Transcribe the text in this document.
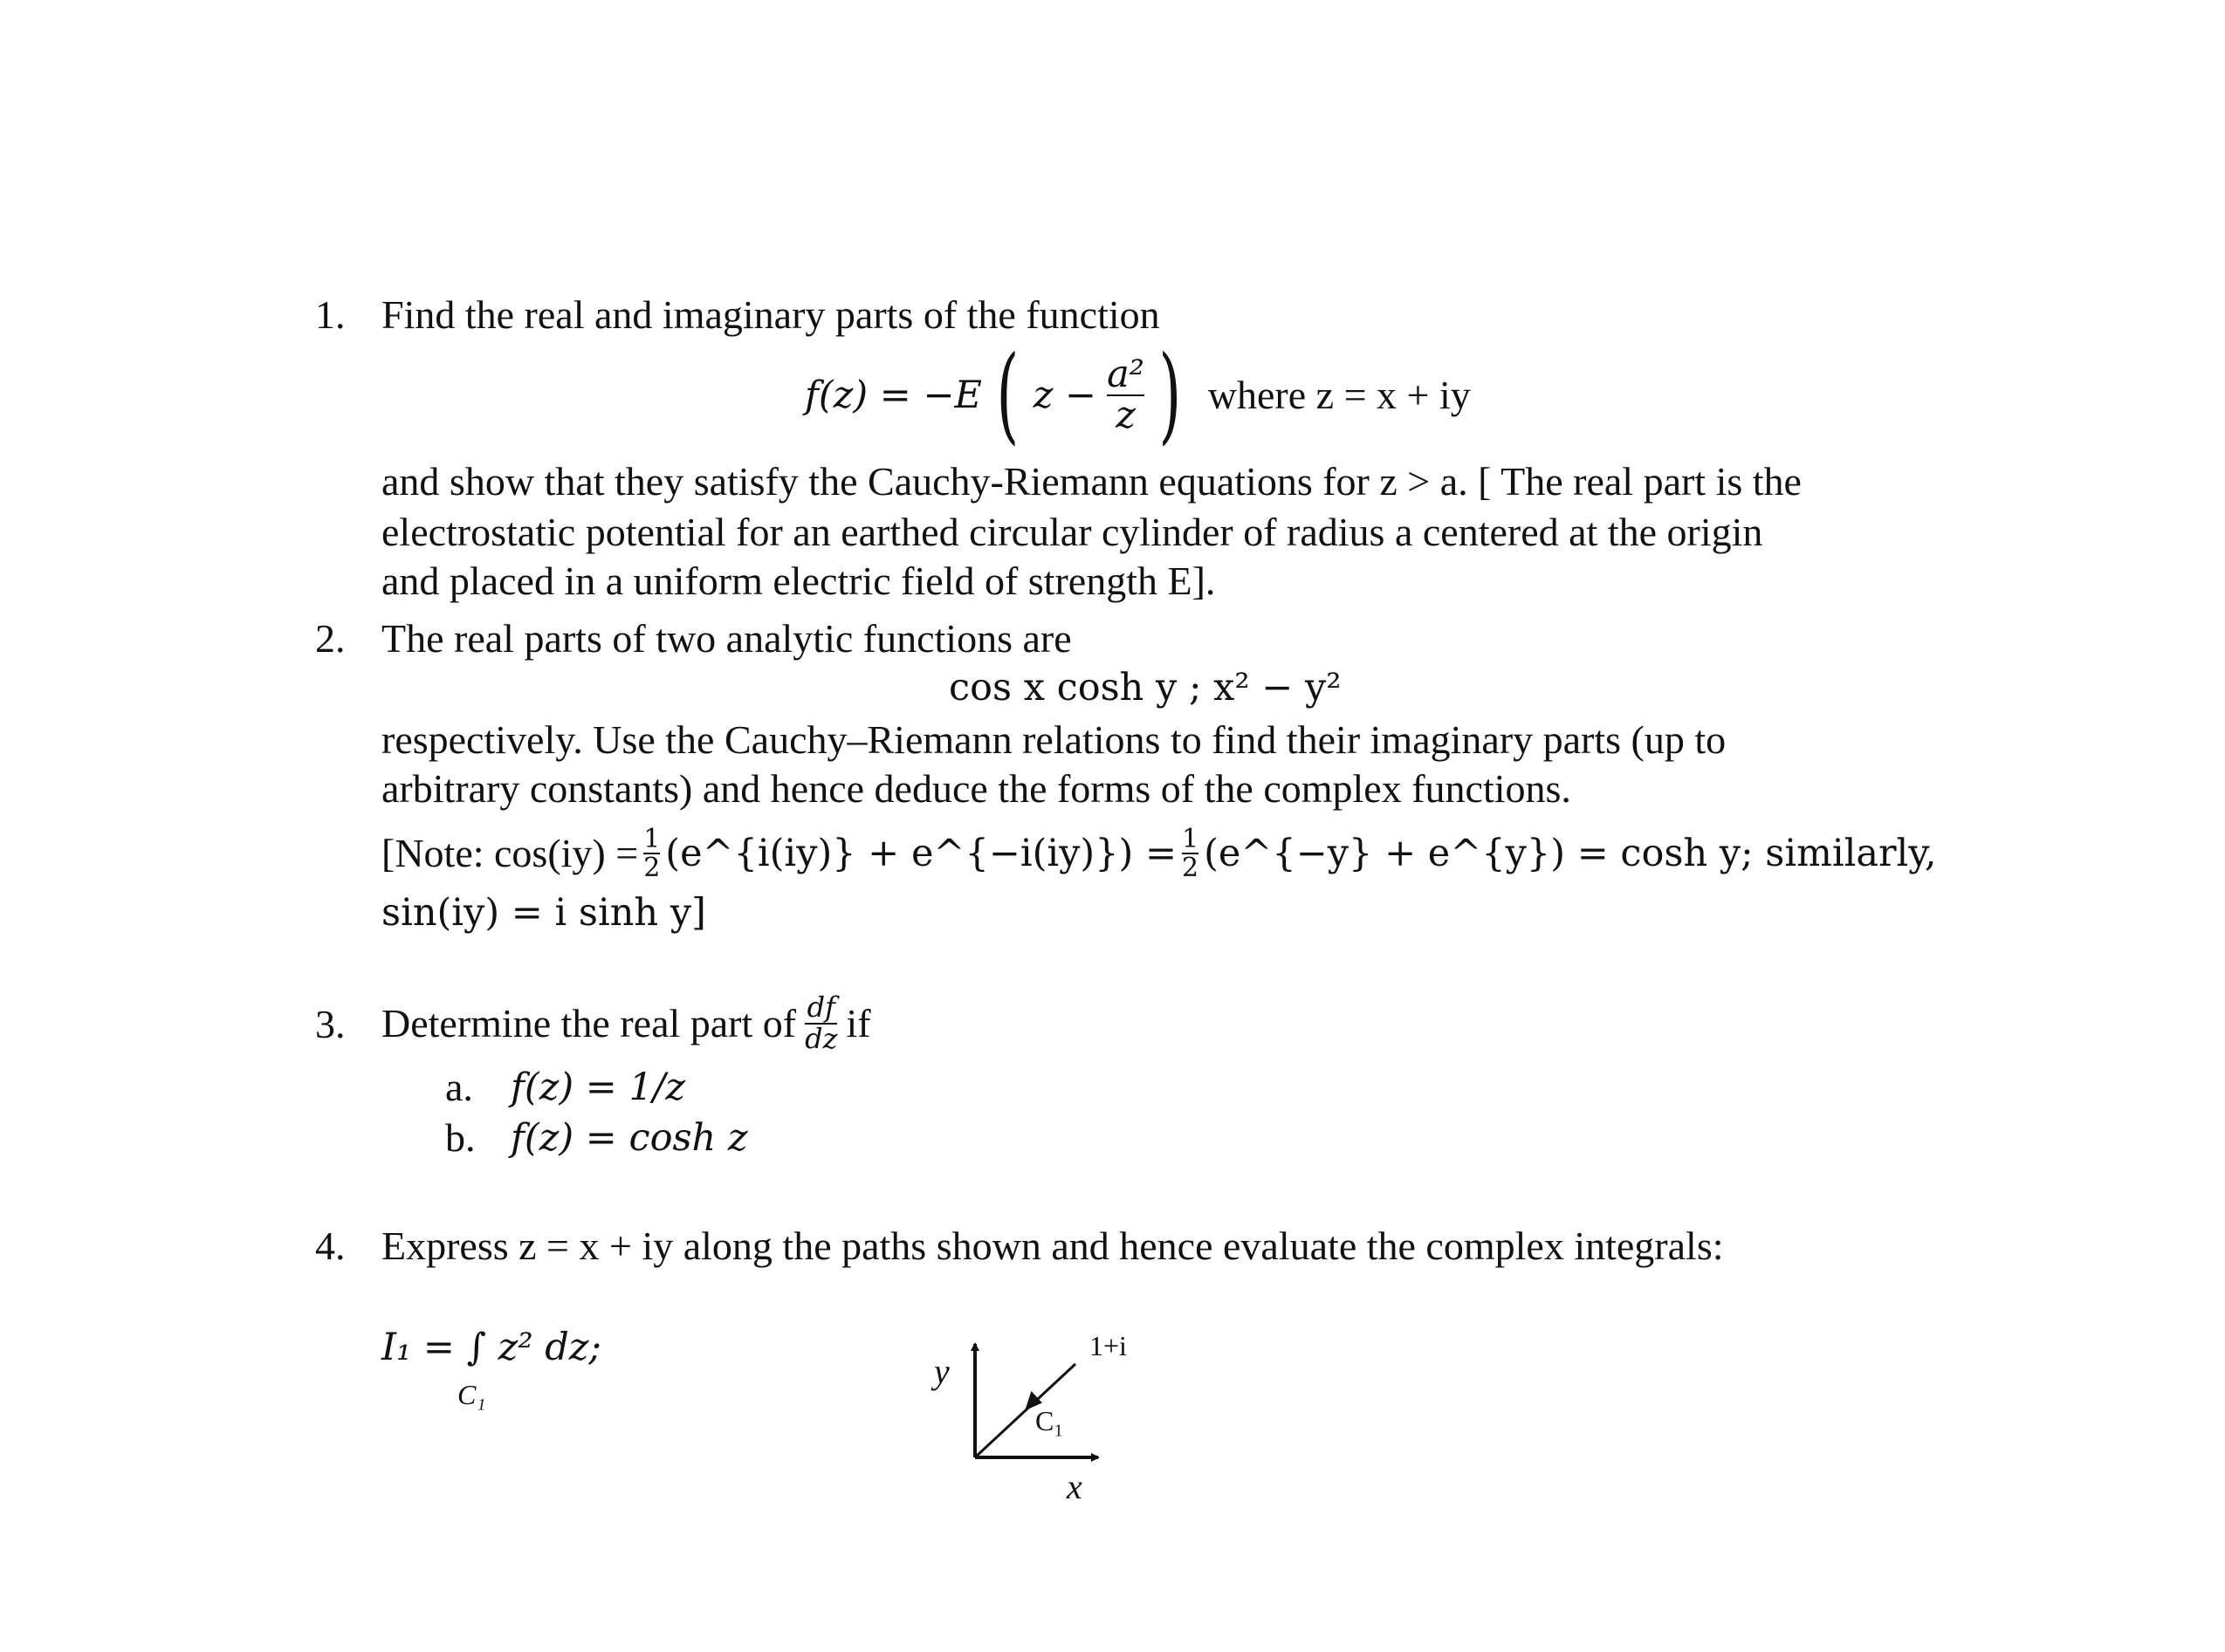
1. Find the real and imaginary parts of the function
f(z) = −E ( $z - \frac{\text{a²}}{z}$ ) where z = x + iy
and show that they satisfy the Cauchy-Riemann equations for z > a. [ The real part is the
electrostatic potential for an earthed circular cylinder of radius a centered at the origin
and placed in a uniform electric field of strength E].
2. The real parts of two analytic functions are
cos x cosh y ; x² − y²
respectively. Use the Cauchy–Riemann relations to find their imaginary parts (up to
arbitrary constants) and hence deduce the forms of the complex functions.
[Note: $\cos(iy) = \frac{1}{2}$ (e^{i(iy)} + e^{−i(iy)}) = $\frac{1}{2}$ (e^{−y} + e^{y}) = cosh y; similarly,
sin(iy) = i sinh y]
3. Determine the real part of $\frac{df}{dz}$ if
a. f(z) = 1/z
b. f(z) = cosh z
4. Express z = x + iy along the paths shown and hence evaluate the complex integrals:
I₁ = ∫ z² dz;
C₁
y
x
C₁
1+i
